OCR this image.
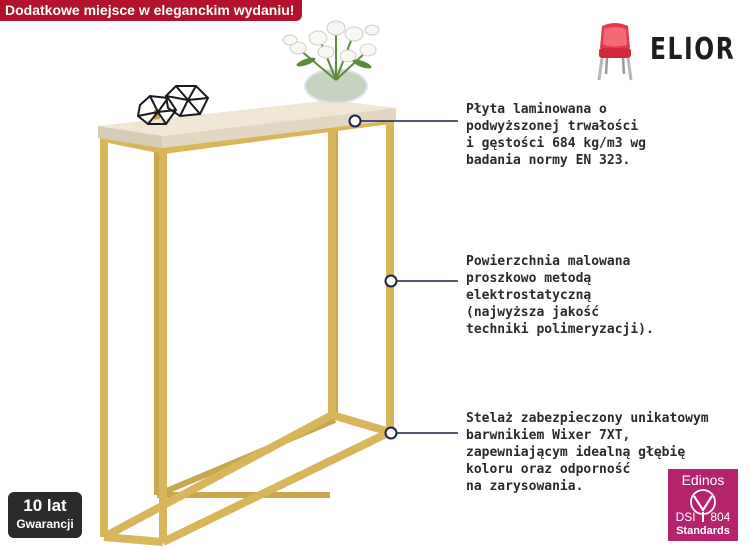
Dodatkowe miejsce w eleganckim wydaniu!
ELIOR
Płyta laminowana o
podwyższonej trwałości
i gęstości 684 kg/m3 wg
badania normy EN 323.
Powierzchnia malowana
proszkowo metodą
elektrostatyczną
(najwyższa jakość
techniki polimeryzacji).
Stelaż zabezpieczony unikatowym
barwnikiem Wixer 7XT,
zapewniającym idealną głębię
koloru oraz odporność
na zarysowania.
10 lat
Gwarancji
Edinos
DSI 804
Standards
